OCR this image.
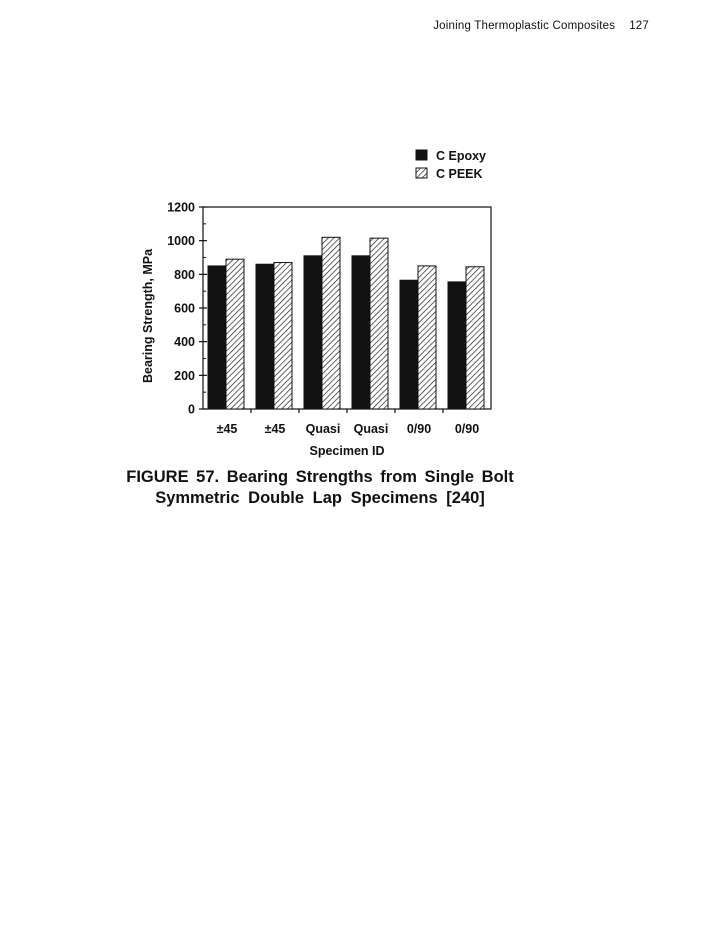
Joining Thermoplastic Composites 127
C Epoxy
C PEEK
0
200
400
600
800
1000
1200
Bearing Strength, MPa
±45 ±45 Quasi Quasi 0/90 0/90
Specimen ID
FIGURE 57. Bearing Strengths from Single Bolt
Symmetric Double Lap Specimens [240]
